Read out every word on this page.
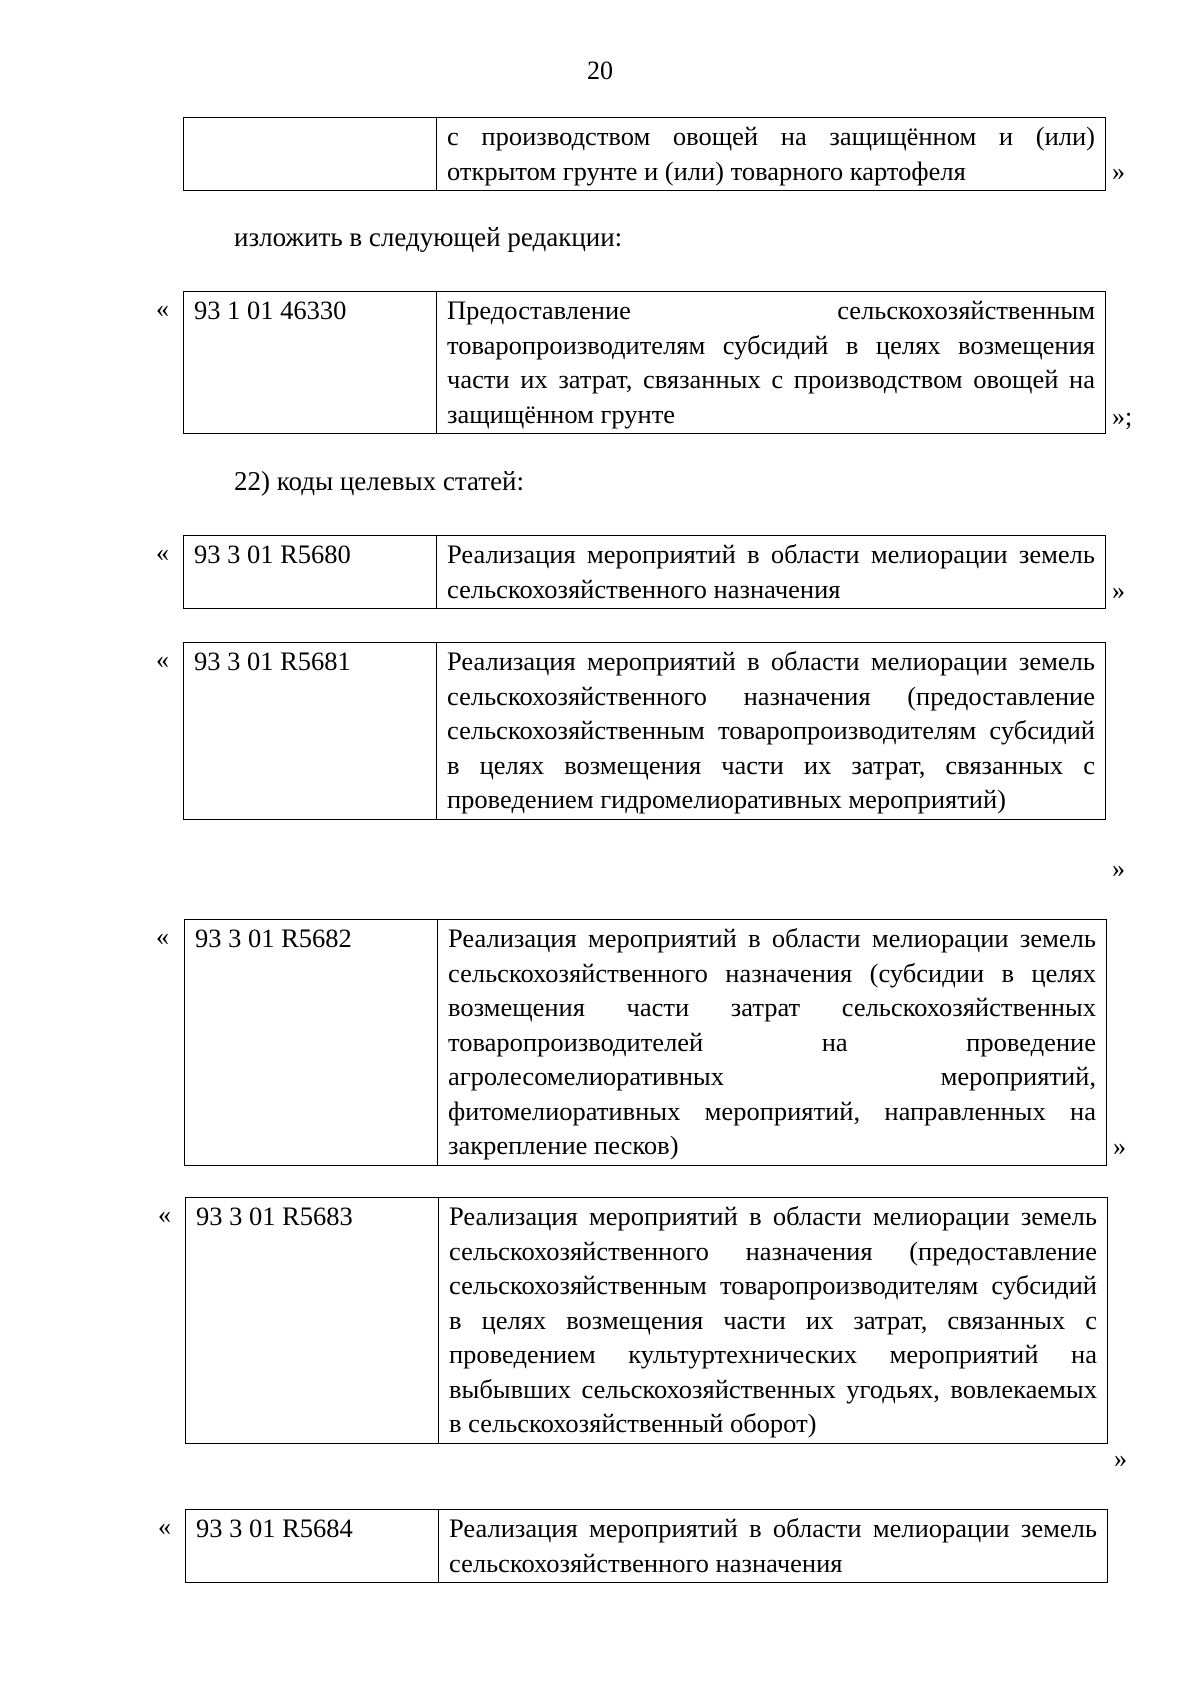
20
	с производством овощей на защищённом и (или) открытом грунте и (или) товарного картофеля	»
изложить в следующей редакции:
« 93 1 01 46330	Предоставление сельскохозяйственным товаропроизводителям субсидий в целях возмещения части их затрат, связанных с производством овощей на защищённом грунте	»;
22) коды целевых статей:
« 93 3 01 R5680	Реализация мероприятий в области мелиорации земель сельскохозяйственного назначения	»
« 93 3 01 R5681	Реализация мероприятий в области мелиорации земель сельскохозяйственного назначения (предоставление сельскохозяйственным товаропроизводителям субсидий в целях возмещения части их затрат, связанных с проведением гидромелиоративных мероприятий)
»
« 93 3 01 R5682	Реализация мероприятий в области мелиорации земель сельскохозяйственного назначения (субсидии в целях возмещения части затрат сельскохозяйственных товаропроизводителей на проведение агролесомелиоративных мероприятий, фитомелиоративных мероприятий, направленных на закрепление песков)	»
« 93 3 01 R5683	Реализация мероприятий в области мелиорации земель сельскохозяйственного назначения (предоставление сельскохозяйственным товаропроизводителям субсидий в целях возмещения части их затрат, связанных с проведением культуртехнических мероприятий на выбывших сельскохозяйственных угодьях, вовлекаемых в сельскохозяйственный оборот)
»
« 93 3 01 R5684	Реализация мероприятий в области мелиорации земель сельскохозяйственного назначения
